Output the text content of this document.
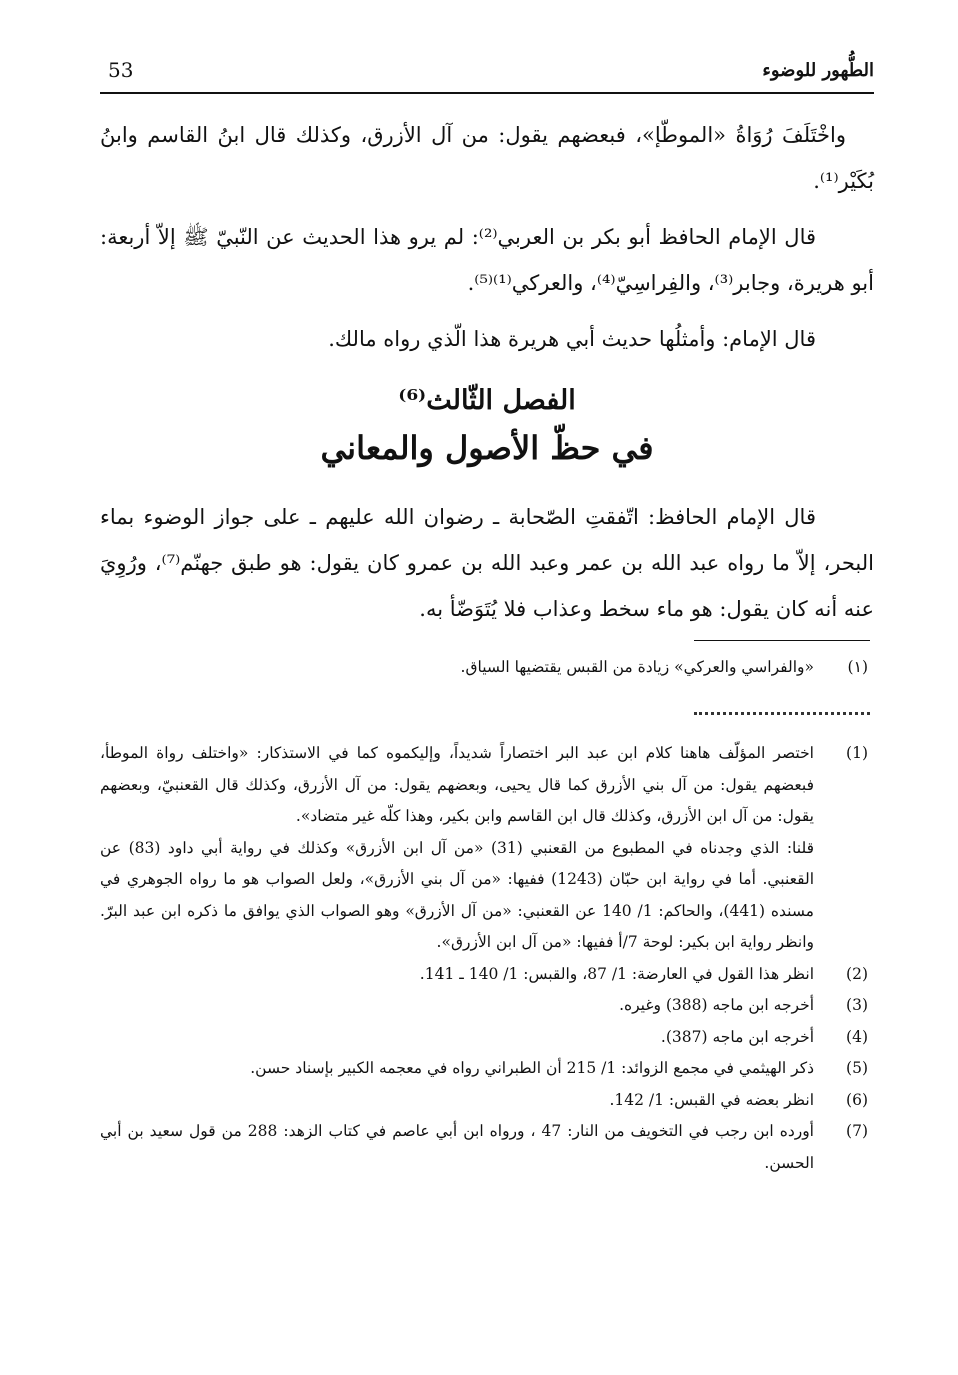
53	الطُّهور للوضوء

واخْتَلَفَ رُوَاةُ «الموطّإ»، فبعضهم يقول: من آل الأزرق، وكذلك قال ابنُ القاسم وابنُ بُكَيْر⁽¹⁾.

قال الإمام الحافظ أبو بكر بن العربي⁽²⁾: لم يرو هذا الحديث عن النّبيّ ﷺ إلاّ أربعة: أبو هريرة، وجابر⁽³⁾، والفِراسِيّ⁽⁴⁾، والعركي⁽¹⁾⁽⁵⁾.

قال الإمام: وأمثلُها حديث أبي هريرة هذا الّذي رواه مالك.

الفصل الثّالث⁽⁶⁾
في حظّ الأصول والمعاني

قال الإمام الحافظ: اتّفقتِ الصّحابة ـ رضوان الله عليهم ـ على جواز الوضوء بماء البحر، إلاّ ما رواه عبد الله بن عمر وعبد الله بن عمرو كان يقول: هو طبق جهنّم⁽⁷⁾، ورُوِيَ عنه أنه كان يقول: هو ماء سخط وعذاب فلا يُتَوَضّأ به.

(١)
«والفراسي والعركي» زيادة من القبس يقتضيها السياق.

(1)
اختصر المؤلّف هاهنا كلام ابن عبد البر اختصاراً شديداً، وإليكموه كما في الاستذكار: «واختلف رواة الموطأ، فبعضهم يقول: من آل بني الأزرق كما قال يحيى، وبعضهم يقول: من آل الأزرق، وكذلك قال القعنبيّ، وبعضهم يقول: من آل ابن الأزرق، وكذلك قال ابن القاسم وابن بكير، وهذا كلّه غير متضاد».

قلنا: الذي وجدناه في المطبوع من القعنبي (31) «من آل ابن الأزرق» وكذلك في رواية أبي داود (83) عن القعنبي. أما في رواية ابن حبّان (1243) ففيها: «من آل بني الأزرق»، ولعل الصواب هو ما رواه الجوهري في مسنده (441)، والحاكم: 1/ 140 عن القعنبي: «من آل الأزرق» وهو الصواب الذي يوافق ما ذكره ابن عبد البرّ. وانظر رواية ابن بكير: لوحة 7/أ ففيها: «من آل ابن الأزرق».

(2)
انظر هذا القول في العارضة: 1/ 87، والقبس: 1/ 140 ـ 141.

(3)
أخرجه ابن ماجه (388) وغيره.

(4)
أخرجه ابن ماجه (387).

(5)
ذكر الهيثمي في مجمع الزوائد: 1/ 215 أن الطبراني رواه في معجمه الكبير بإسناد حسن.

(6)
انظر بعضه في القبس: 1/ 142.

(7)
أورده ابن رجب في التخويف من النار: 47 ، ورواه ابن أبي عاصم في كتاب الزهد: 288 من قول سعيد بن أبي الحسن.
